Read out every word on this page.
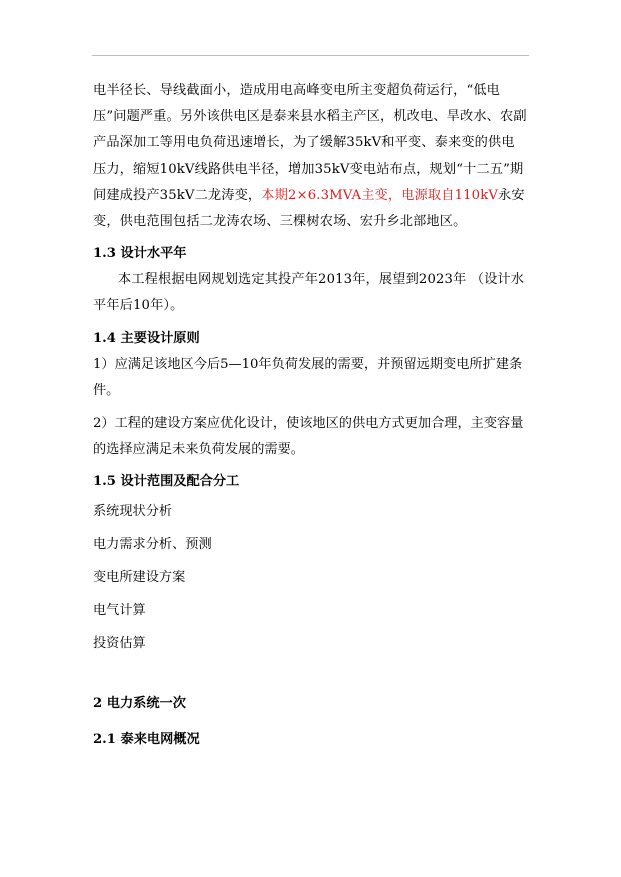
电半径长、导线截面小，造成用电高峰变电所主变超负荷运行，“低电压”问题严重。另外该供电区是泰来县水稻主产区，机改电、旱改水、农副产品深加工等用电负荷迅速增长，为了缓解35kV和平变、泰来变的供电压力，缩短10kV线路供电半径，增加35kV变电站布点，规划“十二五”期间建成投产35kV二龙涛变，本期2×6.3MVA主变，电源取自110kV永安变，供电范围包括二龙涛农场、三棵树农场、宏升乡北部地区。

1.3 设计水平年

本工程根据电网规划选定其投产年2013年，展望到2023年 （设计水平年后10年）。

1.4 主要设计原则

1）应满足该地区今后5—10年负荷发展的需要，并预留远期变电所扩建条件。

2）工程的建设方案应优化设计，使该地区的供电方式更加合理，主变容量的选择应满足未来负荷发展的需要。

1.5 设计范围及配合分工

系统现状分析

电力需求分析、预测

变电所建设方案

电气计算

投资估算

2 电力系统一次
2.1 泰来电网概况
